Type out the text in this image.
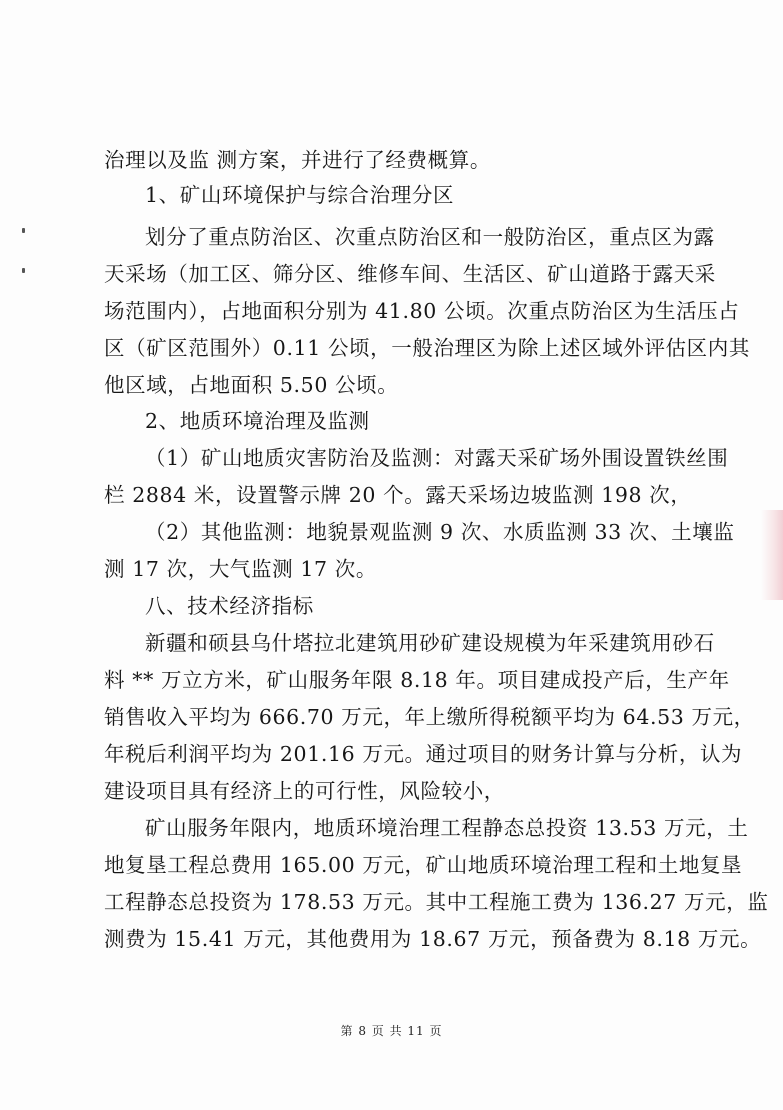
治理以及监 测方案，并进行了经费概算。
1、矿山环境保护与综合治理分区
划分了重点防治区、次重点防治区和一般防治区，重点区为露
天采场（加工区、筛分区、维修车间、生活区、矿山道路于露天采
场范围内），占地面积分别为 41.80 公顷。次重点防治区为生活压占
区（矿区范围外）0.11 公顷，一般治理区为除上述区域外评估区内其
他区域，占地面积 5.50 公顷。
2、地质环境治理及监测
（1）矿山地质灾害防治及监测：对露天采矿场外围设置铁丝围
栏 2884 米，设置警示牌 20 个。露天采场边坡监测 198 次，
（2）其他监测：地貌景观监测 9 次、水质监测 33 次、土壤监
测 17 次，大气监测 17 次。
八、技术经济指标
新疆和硕县乌什塔拉北建筑用砂矿建设规模为年采建筑用砂石
料 ** 万立方米，矿山服务年限 8.18 年。项目建成投产后，生产年
销售收入平均为 666.70 万元，年上缴所得税额平均为 64.53 万元，
年税后利润平均为 201.16 万元。通过项目的财务计算与分析，认为
建设项目具有经济上的可行性，风险较小，
矿山服务年限内，地质环境治理工程静态总投资 13.53 万元，土
地复垦工程总费用 165.00 万元，矿山地质环境治理工程和土地复垦
工程静态总投资为 178.53 万元。其中工程施工费为 136.27 万元，监
测费为 15.41 万元，其他费用为 18.67 万元，预备费为 8.18 万元。
第 8 页 共 11 页
